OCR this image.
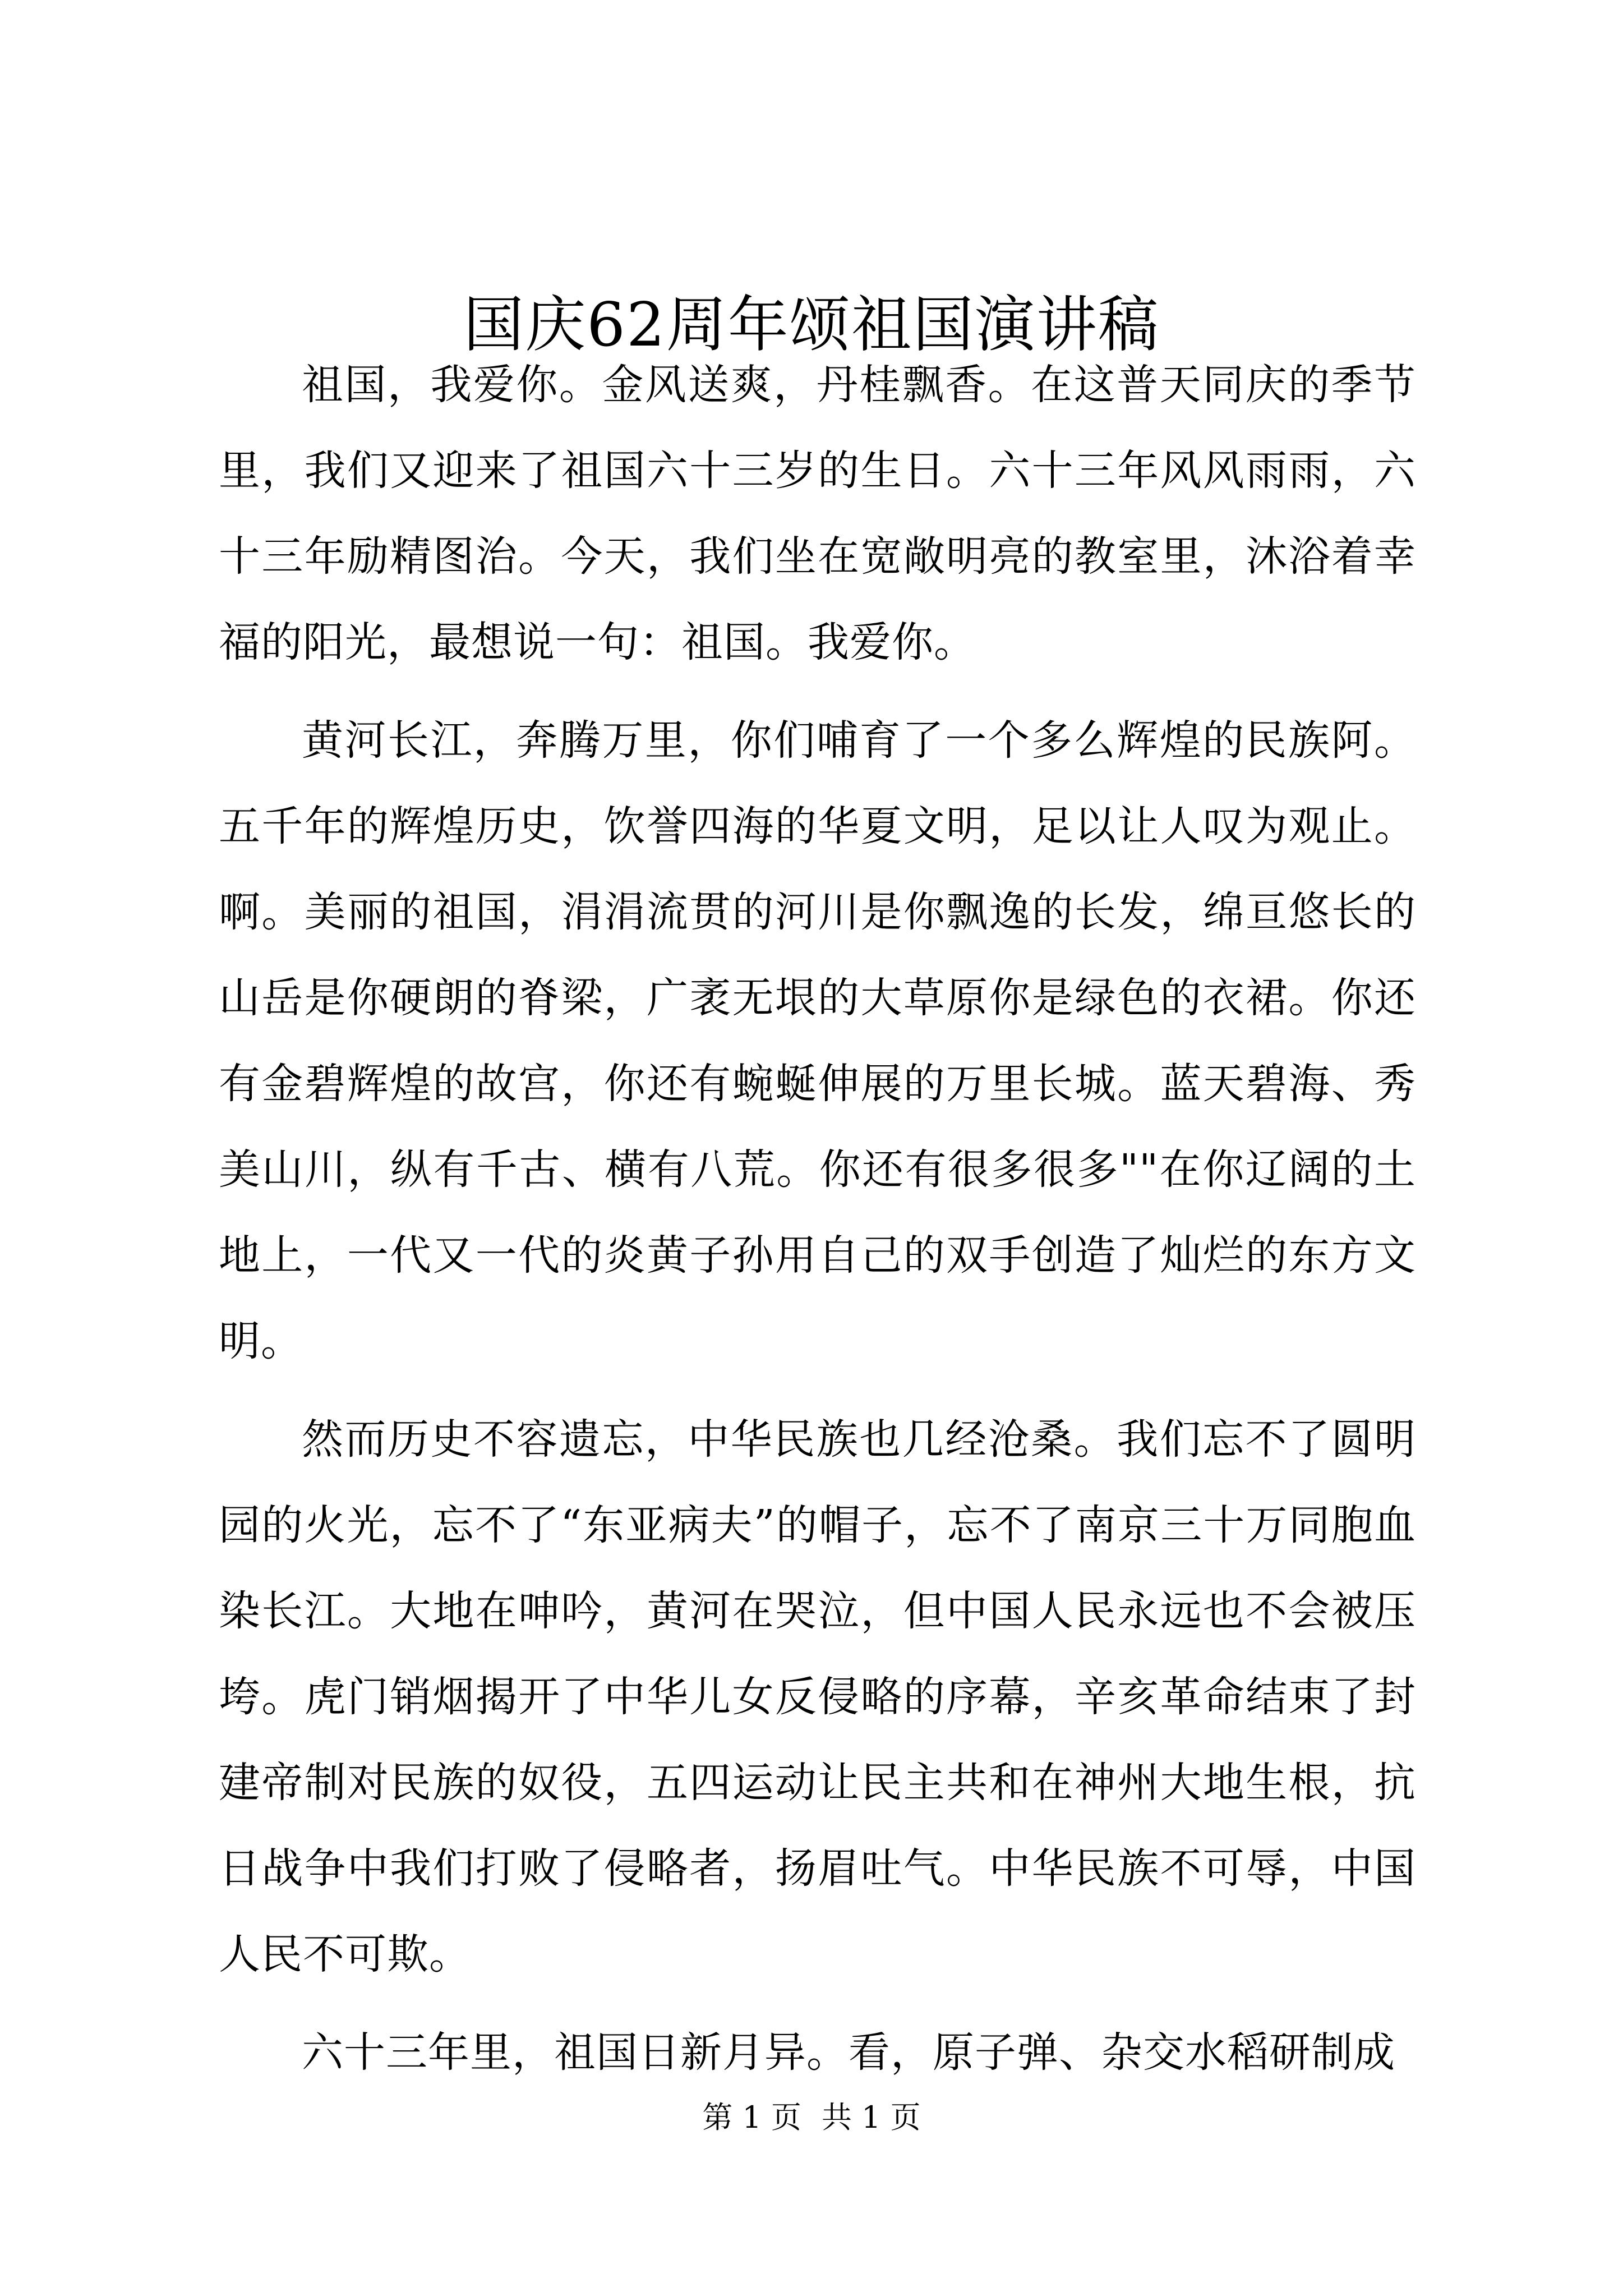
国庆62周年颂祖国演讲稿

祖国，我爱你。金风送爽，丹桂飘香。在这普天同庆的季节里，我们又迎来了祖国六十三岁的生日。六十三年风风雨雨，六十三年励精图治。今天，我们坐在宽敞明亮的教室里，沐浴着幸福的阳光，最想说一句：祖国。我爱你。

黄河长江，奔腾万里，你们哺育了一个多么辉煌的民族阿。五千年的辉煌历史，饮誉四海的华夏文明，足以让人叹为观止。啊。美丽的祖国，涓涓流贯的河川是你飘逸的长发，绵亘悠长的山岳是你硬朗的脊梁，广袤无垠的大草原你是绿色的衣裙。你还有金碧辉煌的故宫，你还有蜿蜒伸展的万里长城。蓝天碧海、秀美山川，纵有千古、横有八荒。你还有很多很多""在你辽阔的土地上，一代又一代的炎黄子孙用自己的双手创造了灿烂的东方文明。

然而历史不容遗忘，中华民族也几经沧桑。我们忘不了圆明园的火光，忘不了“东亚病夫”的帽子，忘不了南京三十万同胞血染长江。大地在呻吟，黄河在哭泣，但中国人民永远也不会被压垮。虎门销烟揭开了中华儿女反侵略的序幕，辛亥革命结束了封建帝制对民族的奴役，五四运动让民主共和在神州大地生根，抗日战争中我们打败了侵略者，扬眉吐气。中华民族不可辱，中国人民不可欺。

六十三年里，祖国日新月异。看，原子弹、杂交水稻研制成

第 1 页 共 1 页
